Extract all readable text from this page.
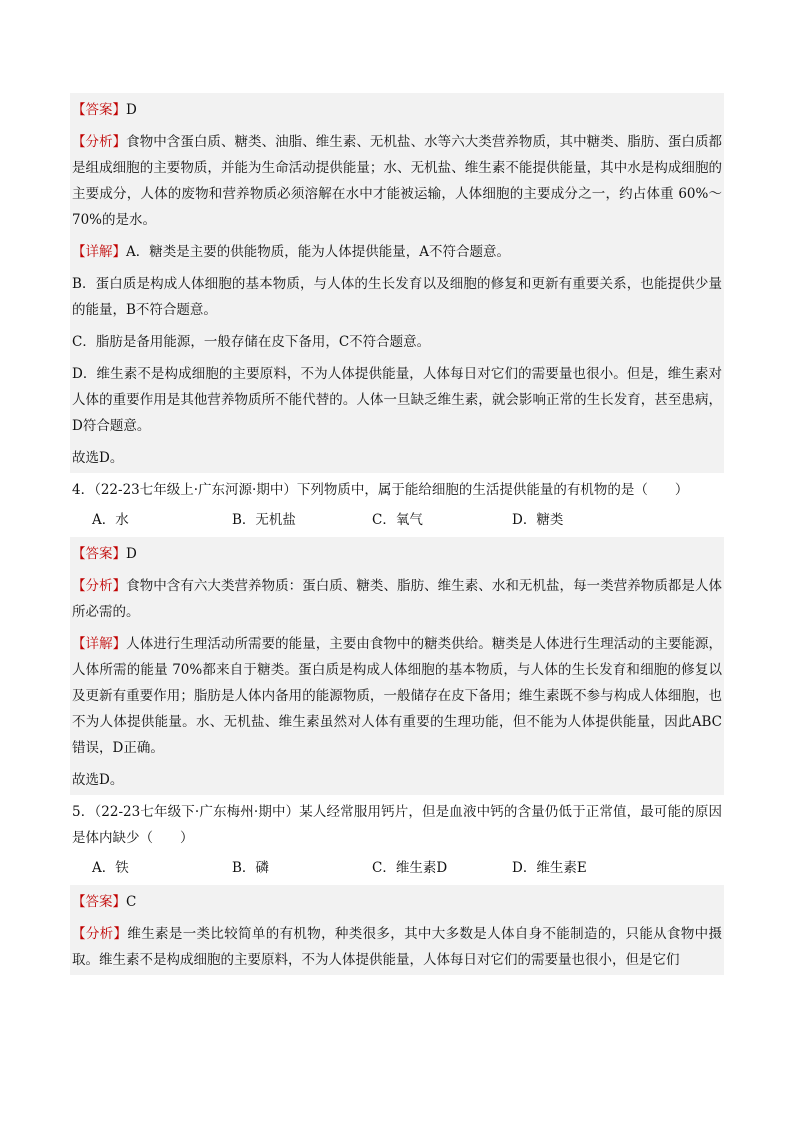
【答案】D

【分析】食物中含蛋白质、糖类、油脂、维生素、无机盐、水等六大类营养物质，其中糖类、脂肪、蛋白质都是组成细胞的主要物质，并能为生命活动提供能量；水、无机盐、维生素不能提供能量，其中水是构成细胞的主要成分，人体的废物和营养物质必须溶解在水中才能被运输，人体细胞的主要成分之一，约占体重 60%～70%的是水。

【详解】A．糖类是主要的供能物质，能为人体提供能量，A不符合题意。

B．蛋白质是构成人体细胞的基本物质，与人体的生长发育以及细胞的修复和更新有重要关系，也能提供少量的能量，B不符合题意。

C．脂肪是备用能源，一般存储在皮下备用，C不符合题意。

D．维生素不是构成细胞的主要原料，不为人体提供能量，人体每日对它们的需要量也很小。但是，维生素对人体的重要作用是其他营养物质所不能代替的。人体一旦缺乏维生素，就会影响正常的生长发育，甚至患病，D符合题意。

故选D。

4．（22-23七年级上·广东河源·期中）下列物质中，属于能给细胞的生活提供能量的有机物的是（　　）

A．水	B．无机盐	C．氧气	D．糖类

【答案】D

【分析】食物中含有六大类营养物质：蛋白质、糖类、脂肪、维生素、水和无机盐，每一类营养物质都是人体所必需的。

【详解】人体进行生理活动所需要的能量，主要由食物中的糖类供给。糖类是人体进行生理活动的主要能源，人体所需的能量 70%都来自于糖类。蛋白质是构成人体细胞的基本物质，与人体的生长发育和细胞的修复以及更新有重要作用；脂肪是人体内备用的能源物质，一般储存在皮下备用；维生素既不参与构成人体细胞，也不为人体提供能量。水、无机盐、维生素虽然对人体有重要的生理功能，但不能为人体提供能量，因此ABC错误，D正确。

故选D。

5．（22-23七年级下·广东梅州·期中）某人经常服用钙片，但是血液中钙的含量仍低于正常值，最可能的原因是体内缺少（　　）

A．铁	B．磷	C．维生素D	D．维生素E

【答案】C

【分析】维生素是一类比较简单的有机物，种类很多，其中大多数是人体自身不能制造的，只能从食物中摄取。维生素不是构成细胞的主要原料，不为人体提供能量，人体每日对它们的需要量也很小，但是它们
